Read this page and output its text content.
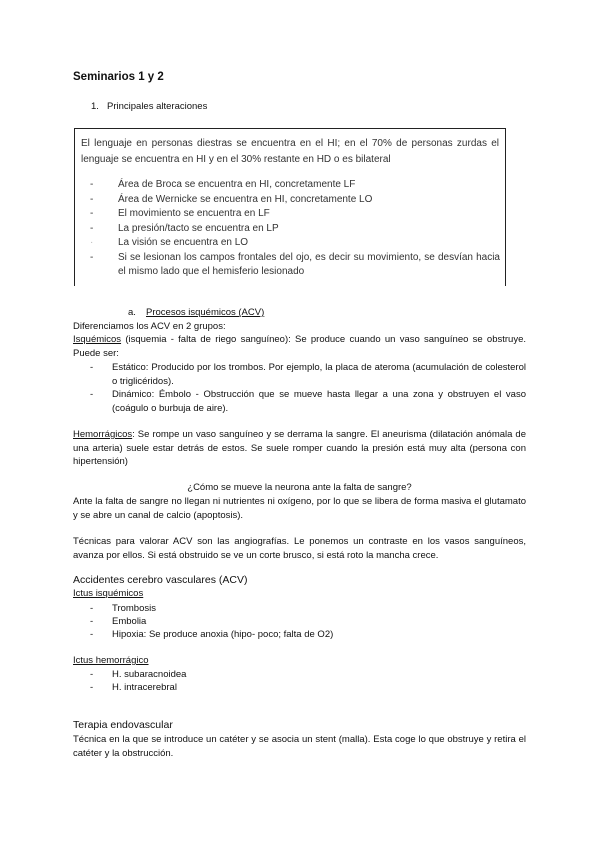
Seminarios 1 y 2
1. Principales alteraciones
El lenguaje en personas diestras se encuentra en el HI; en el 70% de personas zurdas el lenguaje se encuentra en HI y en el 30% restante en HD o es bilateral
- Área de Broca se encuentra en HI, concretamente LF
- Área de Wernicke se encuentra en HI, concretamente LO
- El movimiento se encuentra en LF
- La presión/tacto se encuentra en LP
· La visión se encuentra en LO
- Si se lesionan los campos frontales del ojo, es decir su movimiento, se desvían hacia el mismo lado que el hemisferio lesionado
a. Procesos isquémicos (ACV)
Diferenciamos los ACV en 2 grupos:
Isquémicos (isquemia - falta de riego sanguíneo): Se produce cuando un vaso sanguíneo se obstruye. Puede ser:
- Estático: Producido por los trombos. Por ejemplo, la placa de ateroma (acumulación de colesterol o triglicéridos).
- Dinámico: Émbolo - Obstrucción que se mueve hasta llegar a una zona y obstruyen el vaso (coágulo o burbuja de aire).
Hemorrágicos: Se rompe un vaso sanguíneo y se derrama la sangre. El aneurisma (dilatación anómala de una arteria) suele estar detrás de estos. Se suele romper cuando la presión está muy alta (persona con hipertensión)
¿Cómo se mueve la neurona ante la falta de sangre?
Ante la falta de sangre no llegan ni nutrientes ni oxígeno, por lo que se libera de forma masiva el glutamato y se abre un canal de calcio (apoptosis).
Técnicas para valorar ACV son las angiografías. Le ponemos un contraste en los vasos sanguíneos, avanza por ellos. Si está obstruido se ve un corte brusco, si está roto la mancha crece.
Accidentes cerebro vasculares (ACV)
Ictus isquémicos
- Trombosis
- Embolia
- Hipoxia: Se produce anoxia (hipo- poco; falta de O2)
Ictus hemorrágico
- H. subaracnoidea
- H. intracerebral
Terapia endovascular
Técnica en la que se introduce un catéter y se asocia un stent (malla). Esta coge lo que obstruye y retira el catéter y la obstrucción.
